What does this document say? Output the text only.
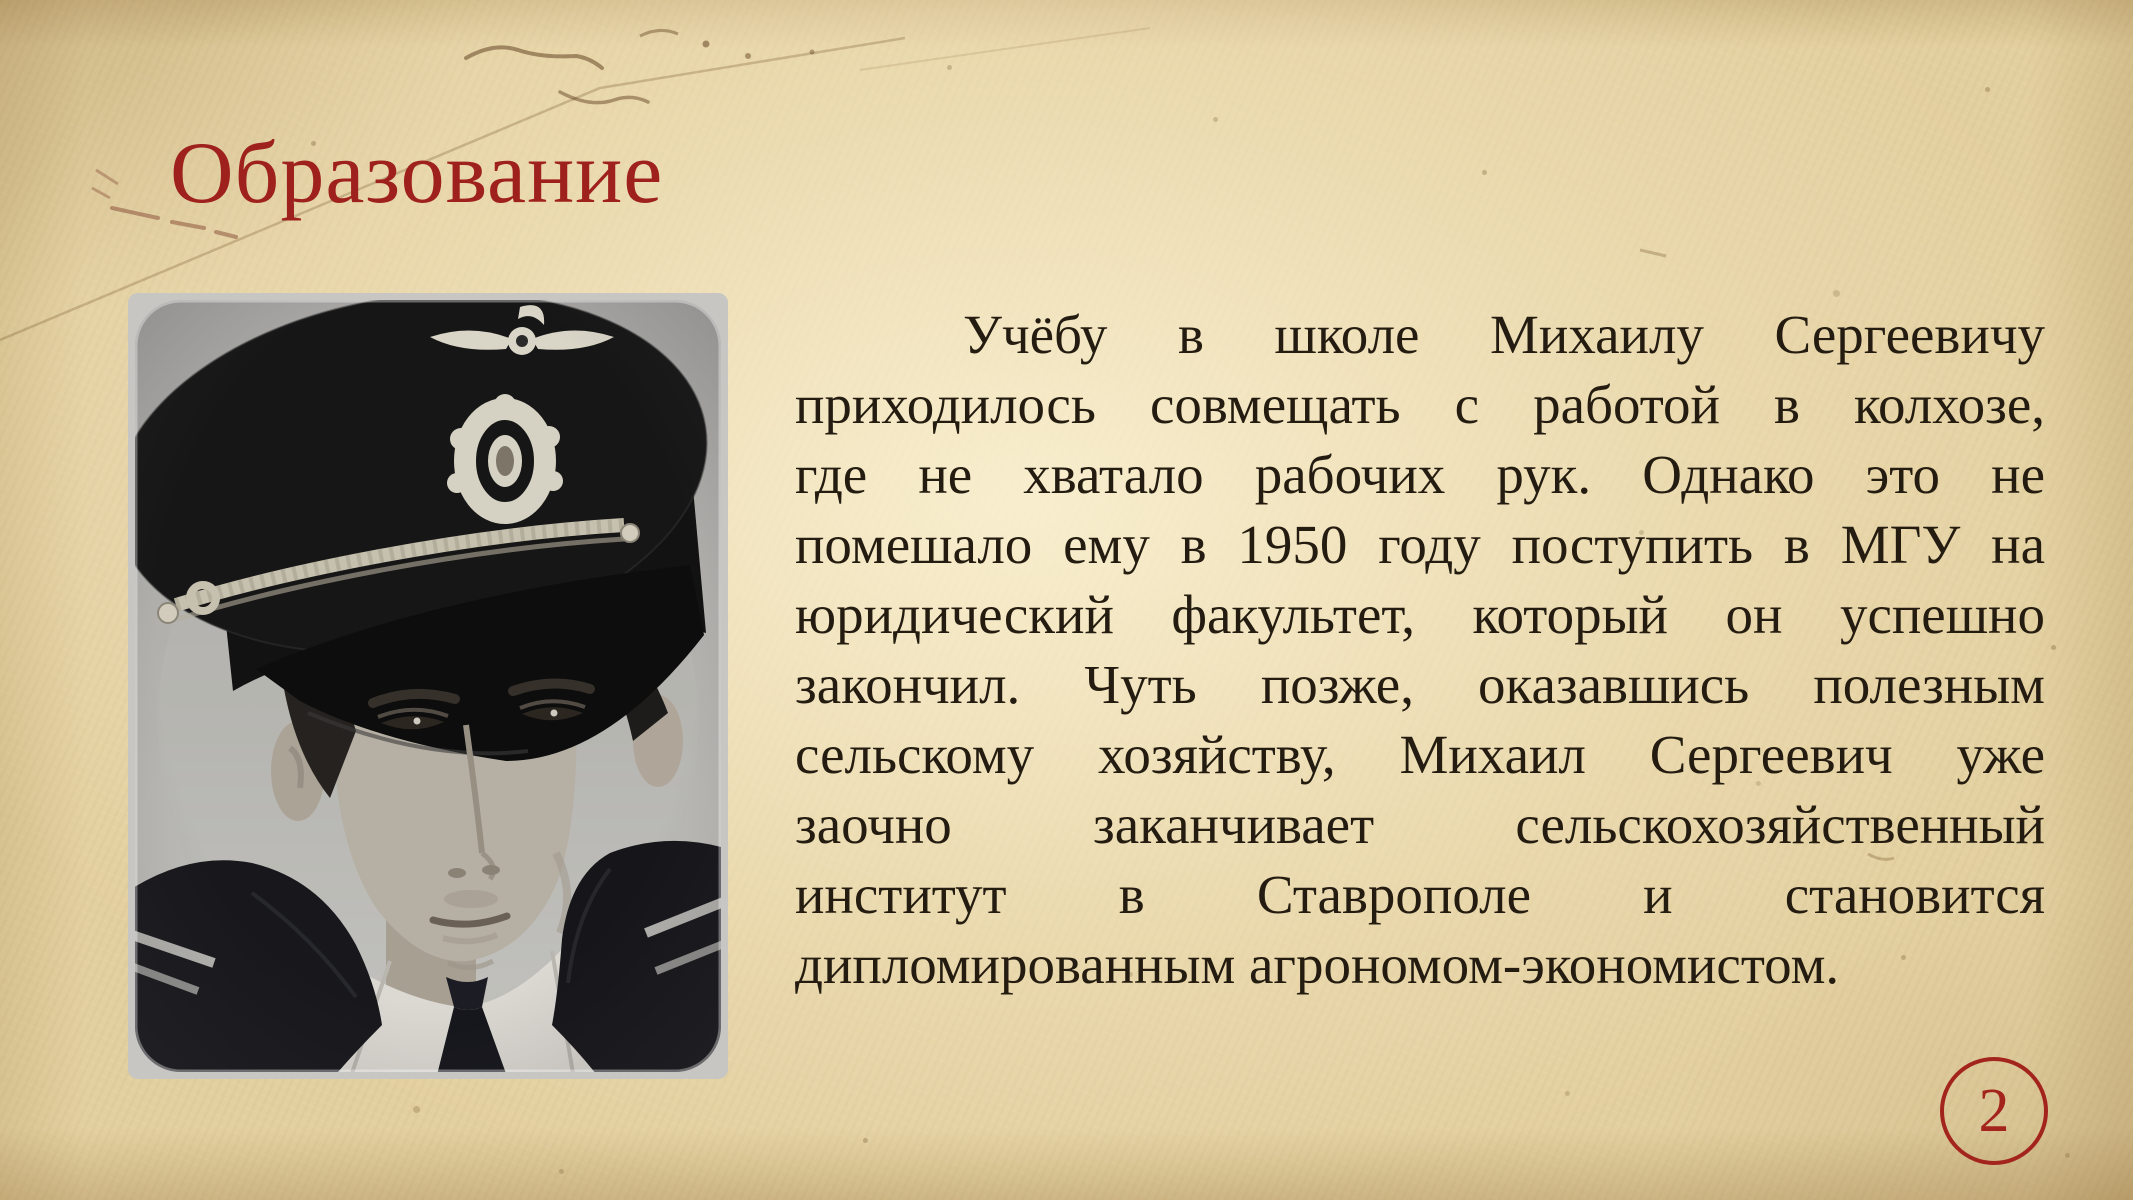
Образование
Учёбу в школе Михаилу Сергеевичу
приходилось совмещать с работой в колхозе,
где не хватало рабочих рук. Однако это не
помешало ему в 1950 году поступить в МГУ на
юридический факультет, который он успешно
закончил. Чуть позже, оказавшись полезным
сельскому хозяйству, Михаил Сергеевич уже
заочно заканчивает сельскохозяйственный
институт в Ставрополе и становится
дипломированным агрономом-экономистом.
2
